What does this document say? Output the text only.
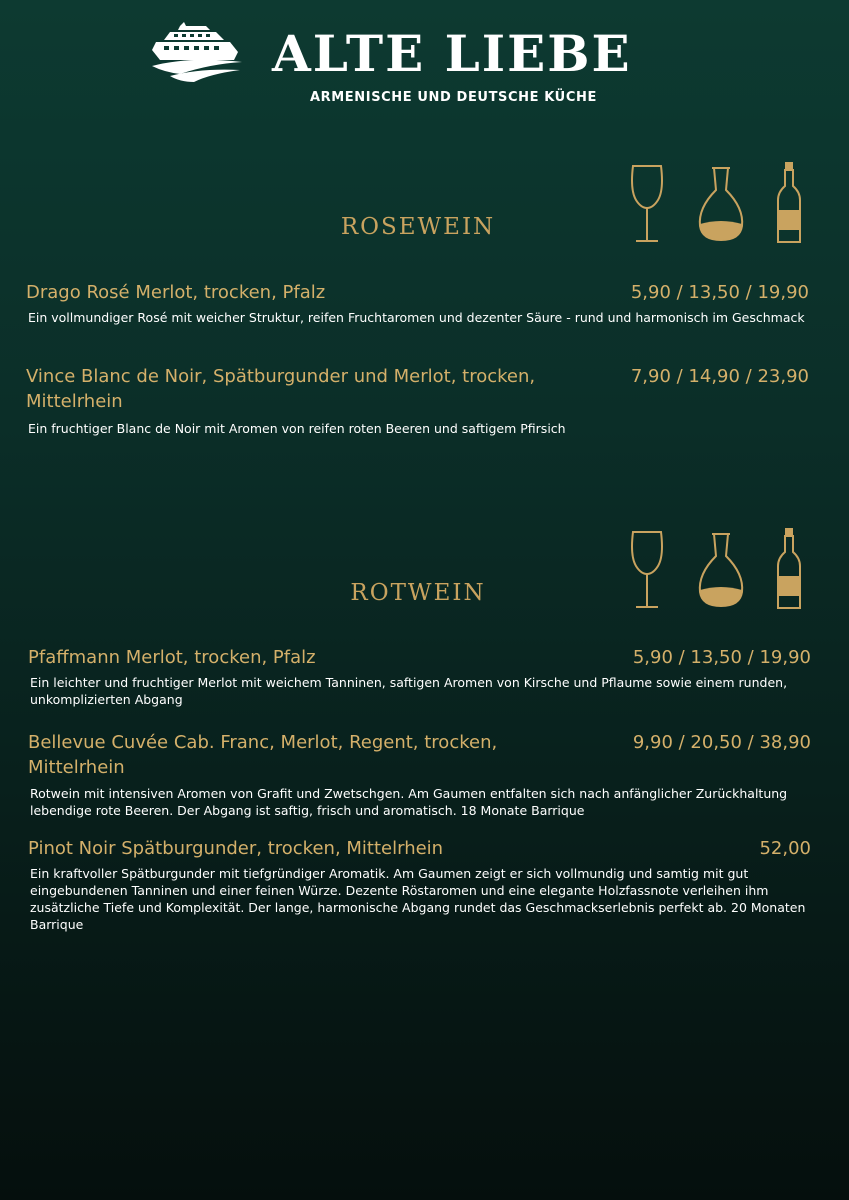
ALTE LIEBE
ARMENISCHE UND DEUTSCHE KÜCHE
ROSEWEIN
Drago Rosé Merlot, trocken, Pfalz	5,90 / 13,50 / 19,90
Ein vollmundiger Rosé mit weicher Struktur, reifen Fruchtaromen und dezenter Säure - rund und harmonisch im Geschmack
Vince Blanc de Noir, Spätburgunder und Merlot, trocken, Mittelrhein
7,90 / 14,90 / 23,90
Ein fruchtiger Blanc de Noir mit Aromen von reifen roten Beeren und saftigem Pfirsich
ROTWEIN
Pfaffmann Merlot, trocken, Pfalz	5,90 / 13,50 / 19,90
Ein leichter und fruchtiger Merlot mit weichem Tanninen, saftigen Aromen von Kirsche und Pflaume sowie einem runden, unkomplizierten Abgang
Bellevue Cuvée Cab. Franc, Merlot, Regent, trocken, Mittelrhein
9,90 / 20,50 / 38,90
Rotwein mit intensiven Aromen von Grafit und Zwetschgen. Am Gaumen entfalten sich nach anfänglicher Zurückhaltung lebendige rote Beeren. Der Abgang ist saftig, frisch und aromatisch. 18 Monate Barrique
Pinot Noir Spätburgunder, trocken, Mittelrhein	52,00
Ein kraftvoller Spätburgunder mit tiefgründiger Aromatik. Am Gaumen zeigt er sich vollmundig und samtig mit gut eingebundenen Tanninen und einer feinen Würze. Dezente Röstaromen und eine elegante Holzfassnote verleihen ihm zusätzliche Tiefe und Komplexität. Der lange, harmonische Abgang rundet das Geschmackserlebnis perfekt ab. 20 Monaten Barrique
